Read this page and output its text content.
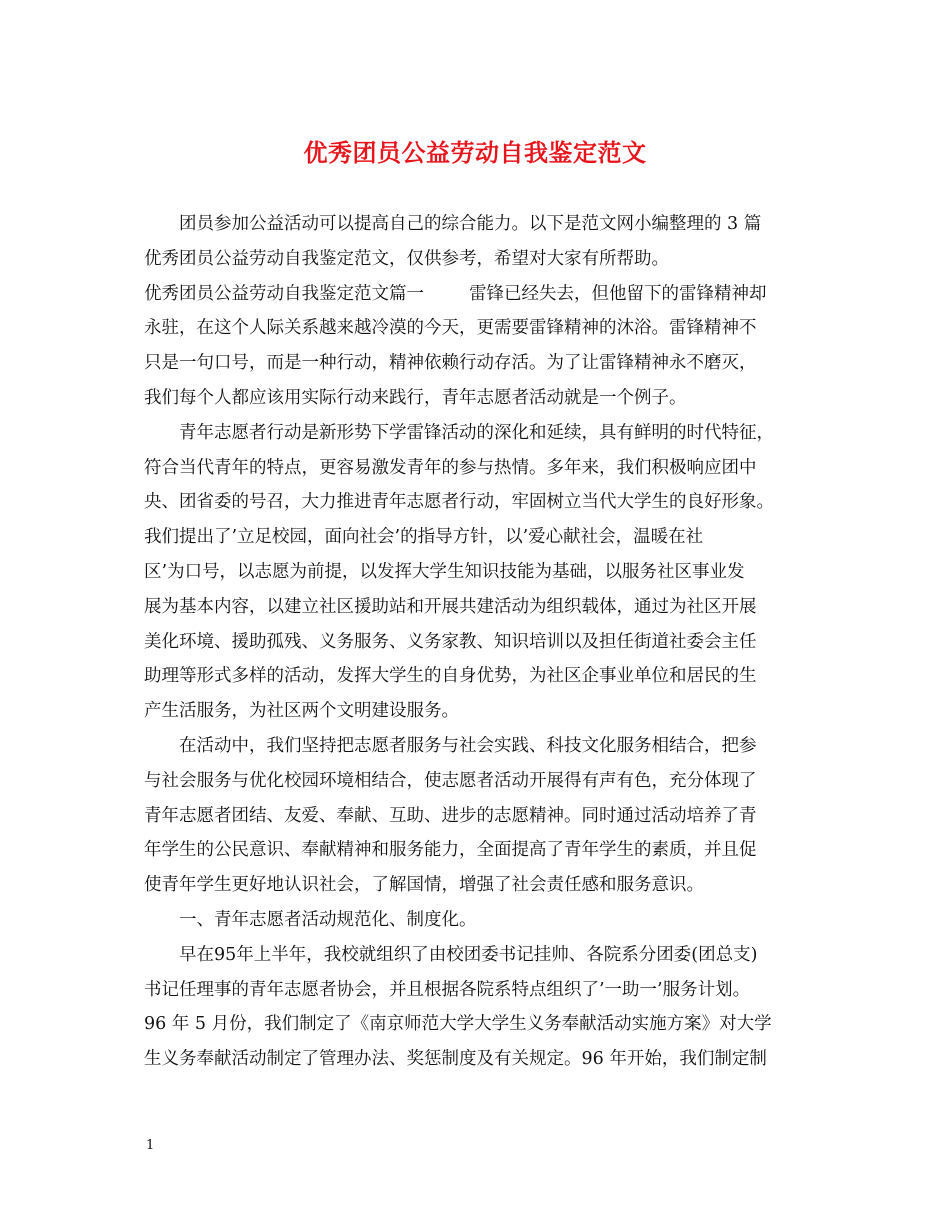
优秀团员公益劳动自我鉴定范文
团员参加公益活动可以提高自己的综合能力。以下是范文网小编整理的 3 篇
优秀团员公益劳动自我鉴定范文，仅供参考，希望对大家有所帮助。
优秀团员公益劳动自我鉴定范文篇一	雷锋已经失去，但他留下的雷锋精神却
永驻，在这个人际关系越来越冷漠的今天，更需要雷锋精神的沐浴。雷锋精神不
只是一句口号，而是一种行动，精神依赖行动存活。为了让雷锋精神永不磨灭，
我们每个人都应该用实际行动来践行，青年志愿者活动就是一个例子。
青年志愿者行动是新形势下学雷锋活动的深化和延续，具有鲜明的时代特征，
符合当代青年的特点，更容易激发青年的参与热情。多年来，我们积极响应团中
央、团省委的号召，大力推进青年志愿者行动，牢固树立当代大学生的良好形象。
我们提出了’立足校园，面向社会’的指导方针，以’爱心献社会，温暖在社
区’为口号，以志愿为前提，以发挥大学生知识技能为基础，以服务社区事业发
展为基本内容，以建立社区援助站和开展共建活动为组织载体，通过为社区开展
美化环境、援助孤残、义务服务、义务家教、知识培训以及担任街道社委会主任
助理等形式多样的活动，发挥大学生的自身优势，为社区企事业单位和居民的生
产生活服务，为社区两个文明建设服务。
在活动中，我们坚持把志愿者服务与社会实践、科技文化服务相结合，把参
与社会服务与优化校园环境相结合，使志愿者活动开展得有声有色，充分体现了
青年志愿者团结、友爱、奉献、互助、进步的志愿精神。同时通过活动培养了青
年学生的公民意识、奉献精神和服务能力，全面提高了青年学生的素质，并且促
使青年学生更好地认识社会，了解国情，增强了社会责任感和服务意识。
一、青年志愿者活动规范化、制度化。
早在95年上半年，我校就组织了由校团委书记挂帅、各院系分团委(团总支)
书记任理事的青年志愿者协会，并且根据各院系特点组织了’一助一’服务计划。
96 年 5 月份，我们制定了《南京师范大学大学生义务奉献活动实施方案》对大学
生义务奉献活动制定了管理办法、奖惩制度及有关规定。96 年开始，我们制定制
1
